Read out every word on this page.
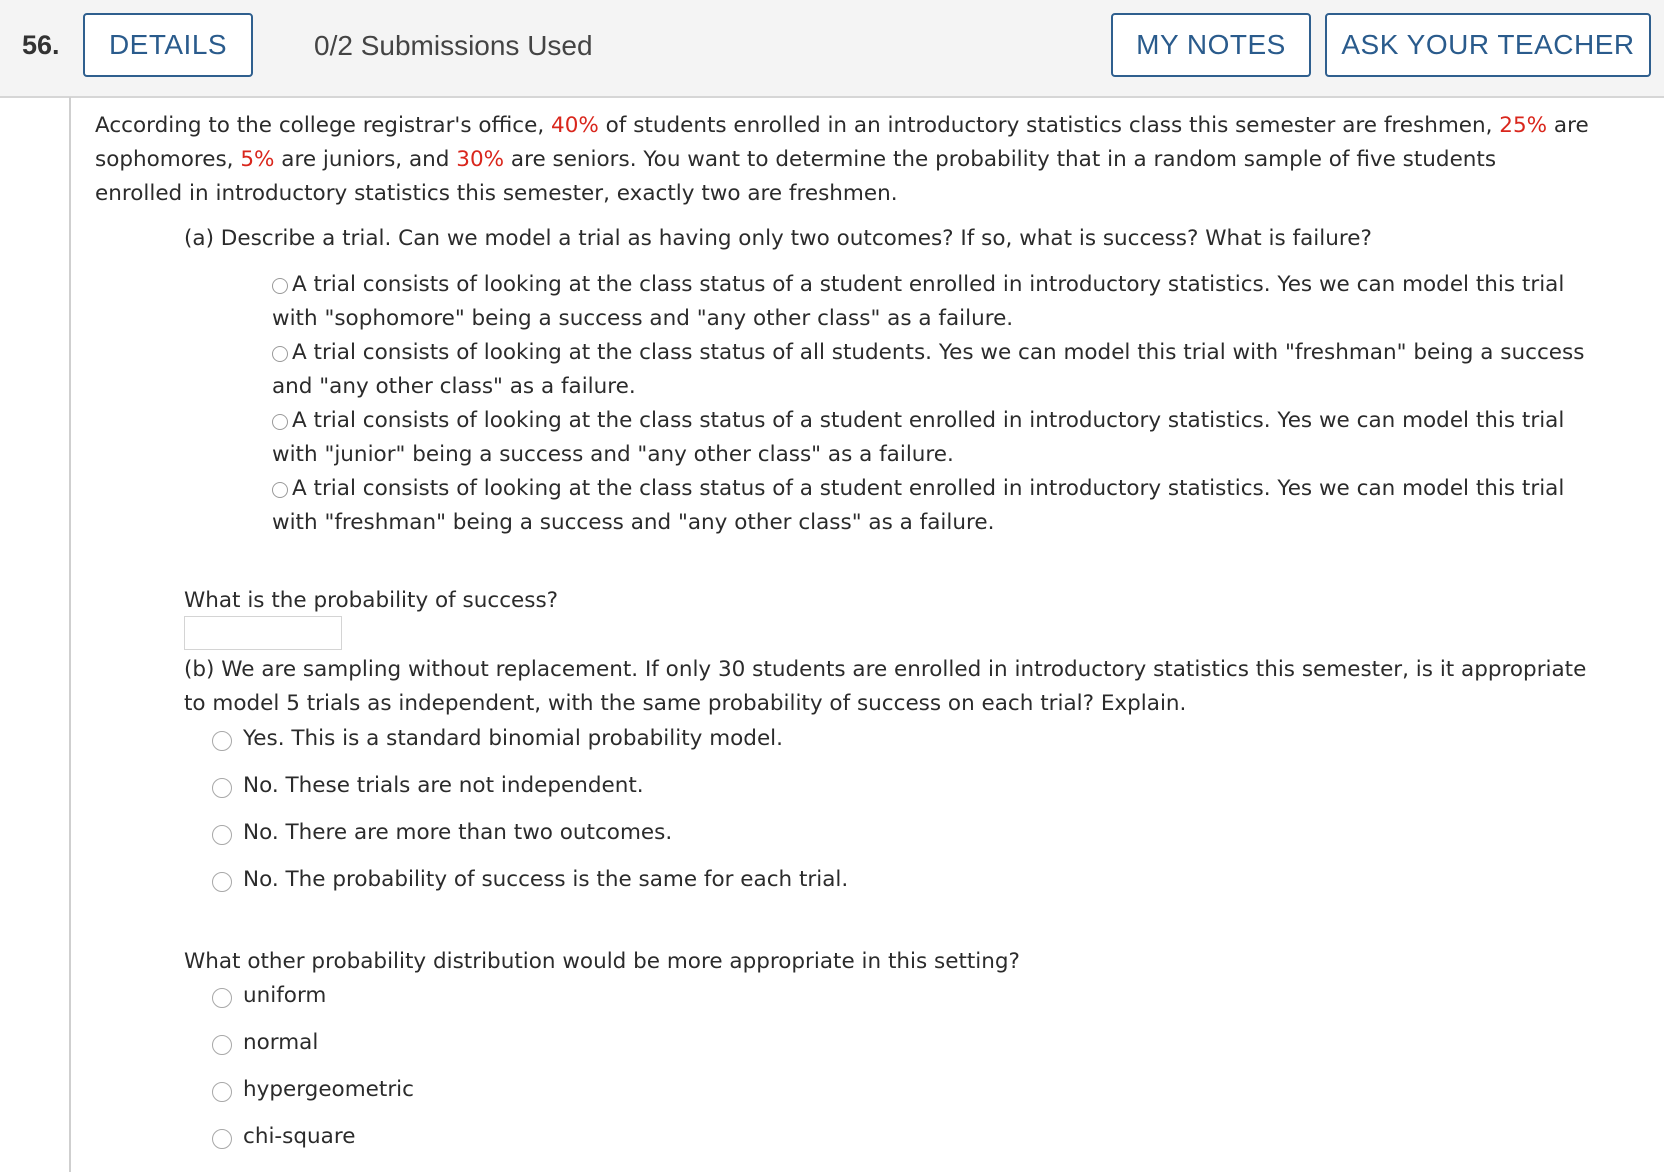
56.	DETAILS	0/2 Submissions Used	MY NOTES	ASK YOUR TEACHER
According to the college registrar's office, 40% of students enrolled in an introductory statistics class this semester are freshmen, 25% are
sophomores, 5% are juniors, and 30% are seniors. You want to determine the probability that in a random sample of five students
enrolled in introductory statistics this semester, exactly two are freshmen.
(a) Describe a trial. Can we model a trial as having only two outcomes? If so, what is success? What is failure?
A trial consists of looking at the class status of a student enrolled in introductory statistics. Yes we can model this trial
with "sophomore" being a success and "any other class" as a failure.
A trial consists of looking at the class status of all students. Yes we can model this trial with "freshman" being a success
and "any other class" as a failure.
A trial consists of looking at the class status of a student enrolled in introductory statistics. Yes we can model this trial
with "junior" being a success and "any other class" as a failure.
A trial consists of looking at the class status of a student enrolled in introductory statistics. Yes we can model this trial
with "freshman" being a success and "any other class" as a failure.
What is the probability of success?
(b) We are sampling without replacement. If only 30 students are enrolled in introductory statistics this semester, is it appropriate
to model 5 trials as independent, with the same probability of success on each trial? Explain.
Yes. This is a standard binomial probability model.
No. These trials are not independent.
No. There are more than two outcomes.
No. The probability of success is the same for each trial.
What other probability distribution would be more appropriate in this setting?
uniform
normal
hypergeometric
chi-square
